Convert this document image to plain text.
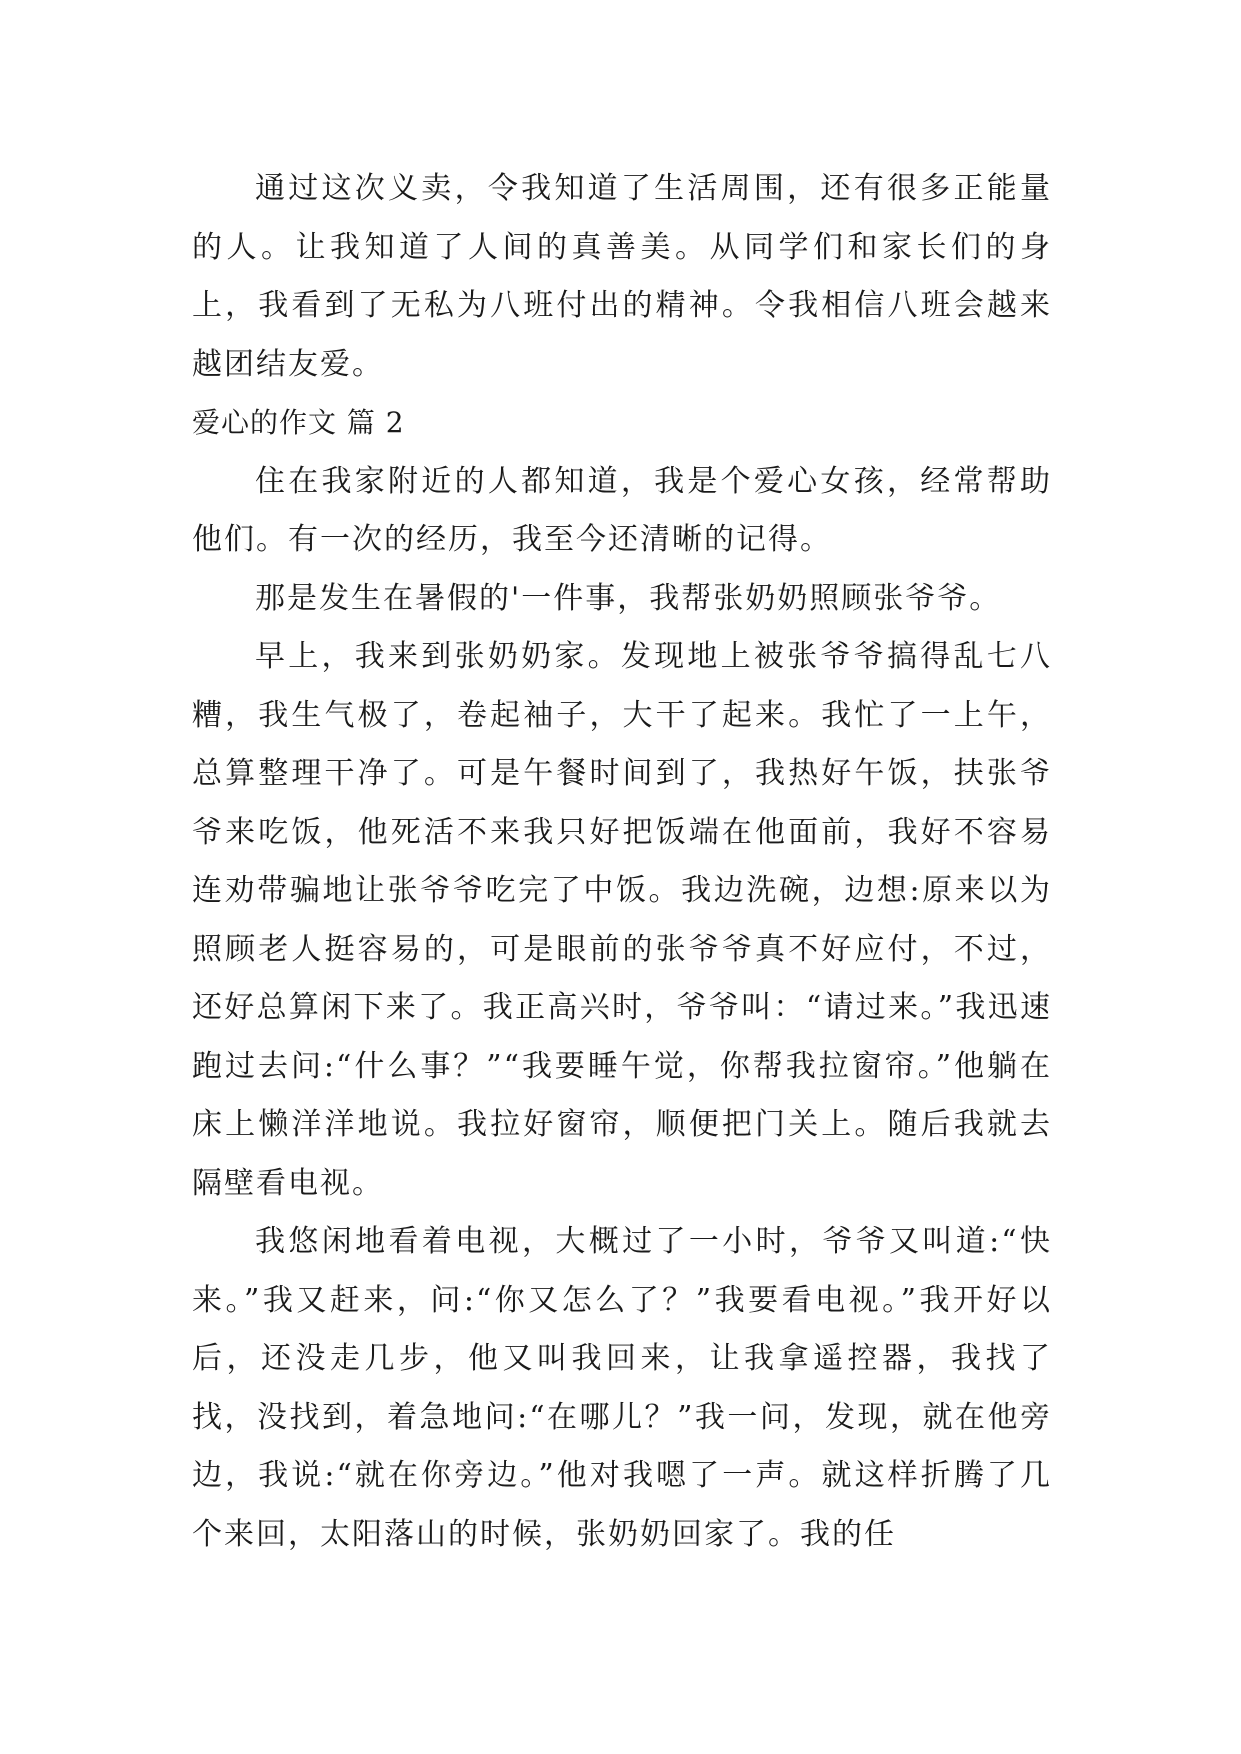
通过这次义卖，令我知道了生活周围，还有很多正能量的人。让我知道了人间的真善美。从同学们和家长们的身上，我看到了无私为八班付出的精神。令我相信八班会越来越团结友爱。

爱心的作文 篇 2

住在我家附近的人都知道，我是个爱心女孩，经常帮助他们。有一次的经历，我至今还清晰的记得。

那是发生在暑假的'一件事，我帮张奶奶照顾张爷爷。

早上，我来到张奶奶家。发现地上被张爷爷搞得乱七八糟，我生气极了，卷起袖子，大干了起来。我忙了一上午，总算整理干净了。可是午餐时间到了，我热好午饭，扶张爷爷来吃饭，他死活不来我只好把饭端在他面前，我好不容易连劝带骗地让张爷爷吃完了中饭。我边洗碗，边想:原来以为照顾老人挺容易的，可是眼前的张爷爷真不好应付，不过，还好总算闲下来了。我正高兴时，爷爷叫：“请过来。”我迅速跑过去问:“什么事？”“我要睡午觉，你帮我拉窗帘。”他躺在床上懒洋洋地说。我拉好窗帘，顺便把门关上。随后我就去隔壁看电视。

我悠闲地看着电视，大概过了一小时，爷爷又叫道:“快来。”我又赶来，问:“你又怎么了？”我要看电视。”我开好以后，还没走几步，他又叫我回来，让我拿遥控器，我找了找，没找到，着急地问:“在哪儿？”我一问，发现，就在他旁边，我说:“就在你旁边。”他对我嗯了一声。就这样折腾了几个来回，太阳落山的时候，张奶奶回家了。我的任
